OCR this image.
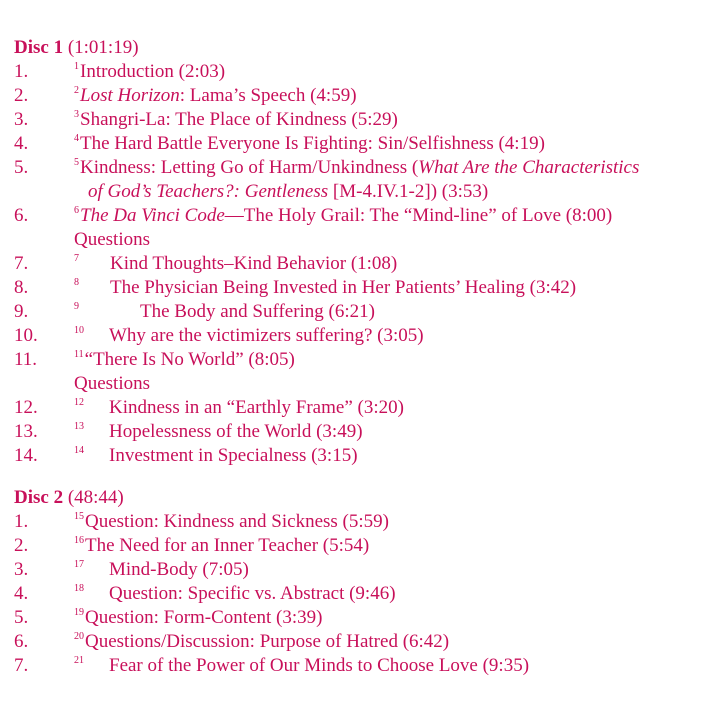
Disc 1 (1:01:19)
1.	$^1$Introduction (2:03)
2.	$^2$Lost Horizon: Lama’s Speech (4:59)
3.	$^3$Shangri-La: The Place of Kindness (5:29)
4.	$^4$The Hard Battle Everyone Is Fighting: Sin/Selfishness (4:19)
5.	$^5$Kindness: Letting Go of Harm/Unkindness (What Are the Characteristics
of God’s Teachers?: Gentleness [M-4.IV.1-2]) (3:53)
6.	$^6$The Da Vinci Code—The Holy Grail: The “Mind-line” of Love (8:00)
Questions
7.	$^7$ Kind Thoughts–Kind Behavior (1:08)
8.	$^8$ The Physician Being Invested in Her Patients’ Healing (3:42)
9.	$^9$	The Body and Suffering (6:21)
10.	$^{10}$ Why are the victimizers suffering? (3:05)
11.	$^{11}$“There Is No World” (8:05)
Questions
12.	$^{12}$ Kindness in an “Earthly Frame” (3:20)
13.	$^{13}$ Hopelessness of the World (3:49)
14.	$^{14}$ Investment in Specialness (3:15)
Disc 2 (48:44)
1.	$^{15}$Question: Kindness and Sickness (5:59)
2.	$^{16}$The Need for an Inner Teacher (5:54)
3.	$^{17}$ Mind-Body (7:05)
4.	$^{18}$ Question: Specific vs. Abstract (9:46)
5.	$^{19}$Question: Form-Content (3:39)
6.	$^{20}$Questions/Discussion: Purpose of Hatred (6:42)
7.	$^{21}$ Fear of the Power of Our Minds to Choose Love (9:35)
